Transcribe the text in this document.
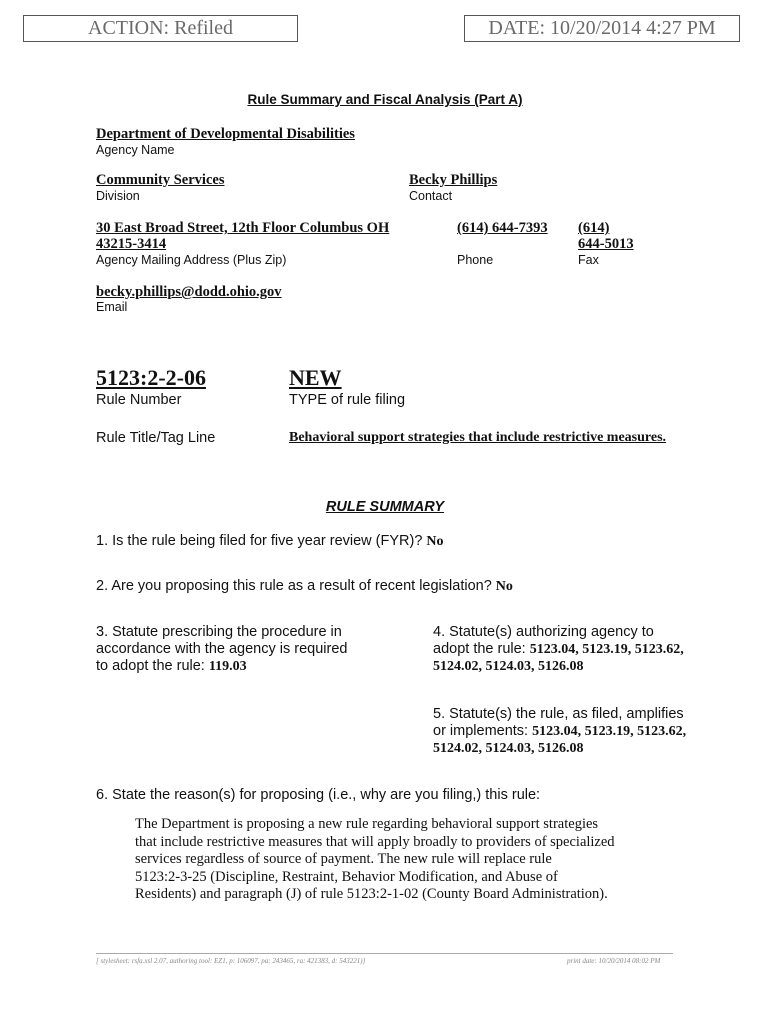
ACTION: Refiled	DATE: 10/20/2014 4:27 PM
Rule Summary and Fiscal Analysis (Part A)
Department of Developmental Disabilities
Agency Name
Community Services
Division
Becky Phillips
Contact
30 East Broad Street, 12th Floor Columbus OH
43215-3414
Agency Mailing Address (Plus Zip)
(614) 644-7393
Phone
(614)
644-5013
Fax
becky.phillips@dodd.ohio.gov
Email
5123:2-2-06
Rule Number
NEW
TYPE of rule filing
Rule Title/Tag Line	Behavioral support strategies that include restrictive measures.
RULE SUMMARY
1. Is the rule being filed for five year review (FYR)? No
2. Are you proposing this rule as a result of recent legislation? No
3. Statute prescribing the procedure in
accordance with the agency is required
to adopt the rule: 119.03
4. Statute(s) authorizing agency to
adopt the rule: 5123.04, 5123.19, 5123.62,
5124.02, 5124.03, 5126.08
5. Statute(s) the rule, as filed, amplifies
or implements: 5123.04, 5123.19, 5123.62,
5124.02, 5124.03, 5126.08
6. State the reason(s) for proposing (i.e., why are you filing,) this rule:
The Department is proposing a new rule regarding behavioral support strategies
that include restrictive measures that will apply broadly to providers of specialized
services regardless of source of payment. The new rule will replace rule
5123:2-3-25 (Discipline, Restraint, Behavior Modification, and Abuse of
Residents) and paragraph (J) of rule 5123:2-1-02 (County Board Administration).
[ stylesheet: rsfa.xsl 2.07, authoring tool: EZ1, p: 106097, pa: 243465, ra: 421383, d: 543221)]	print date: 10/20/2014 08:02 PM
